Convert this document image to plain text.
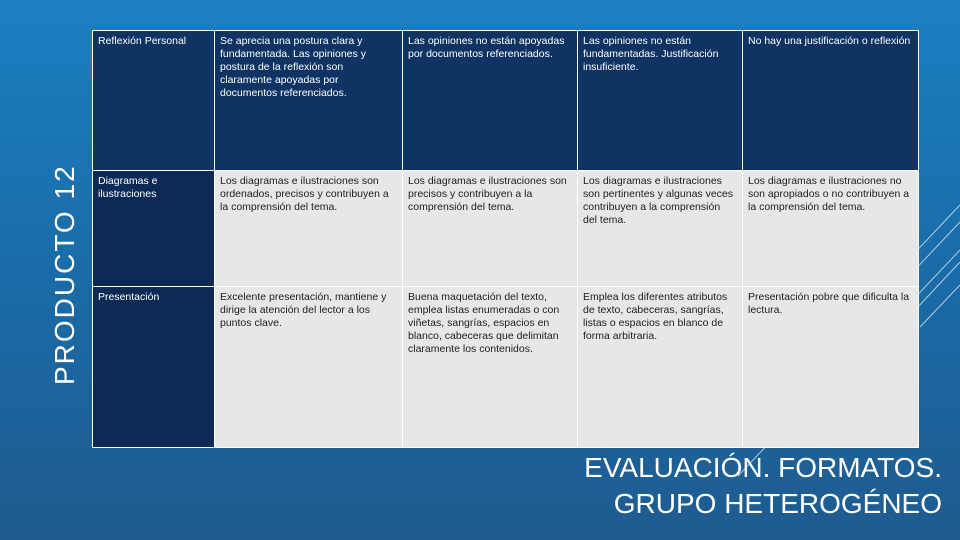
PRODUCTO 12
Reflexión Personal	Se aprecia una postura clara y fundamentada. Las opiniones y postura de la reflexión son claramente apoyadas por documentos referenciados.	Las opiniones no están apoyadas por documentos referenciados.	Las opiniones no están fundamentadas. Justificación insuficiente.	No hay una justificación o reflexión
Diagramas e ilustraciones	Los diagramas e ilustraciones son ordenados, precisos y contribuyen a la comprensión del tema.	Los diagramas e ilustraciones son precisos y contribuyen a la comprensión del tema.	Los diagramas e ilustraciones son pertinentes y algunas veces contribuyen a la comprensión del tema.	Los diagramas e ilustraciones no son apropiados o no contribuyen a la comprensión del tema.
Presentación	Excelente presentación, mantiene y dirige la atención del lector a los puntos clave.	Buena maquetación del texto, emplea listas enumeradas o con viñetas, sangrías, espacios en blanco, cabeceras que delimitan claramente los contenidos.	Emplea los diferentes atributos de texto, cabeceras, sangrías, listas o espacios en blanco de forma arbitraria.	Presentación pobre que dificulta la lectura.
EVALUACIÓN. FORMATOS.
GRUPO HETEROGÉNEO
